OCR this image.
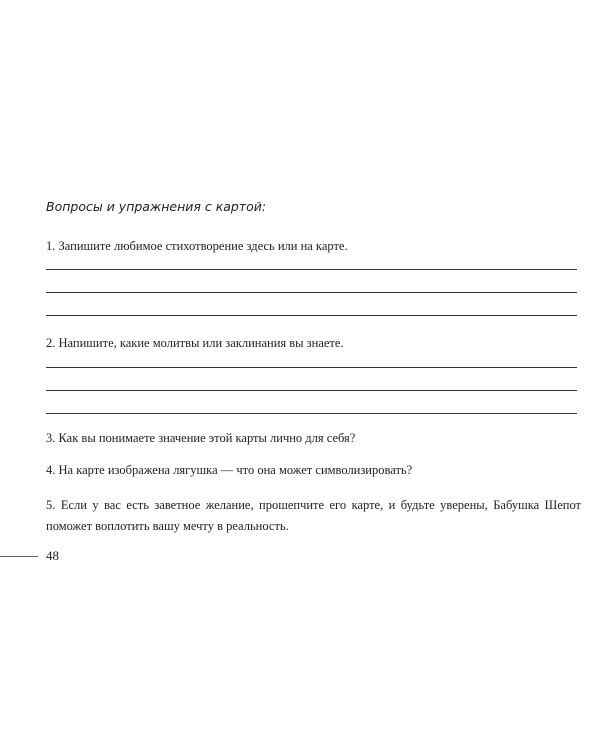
Вопросы и упражнения с картой:
1. Запишите любимое стихотворение здесь или на карте.
2. Напишите, какие молитвы или заклинания вы знаете.
3. Как вы понимаете значение этой карты лично для себя?
4. На карте изображена лягушка — что она может символизировать?
5. Если у вас есть заветное желание, прошепчите его карте, и будьте уверены, Бабушка Шепот поможет воплотить вашу мечту в реальность.
48
